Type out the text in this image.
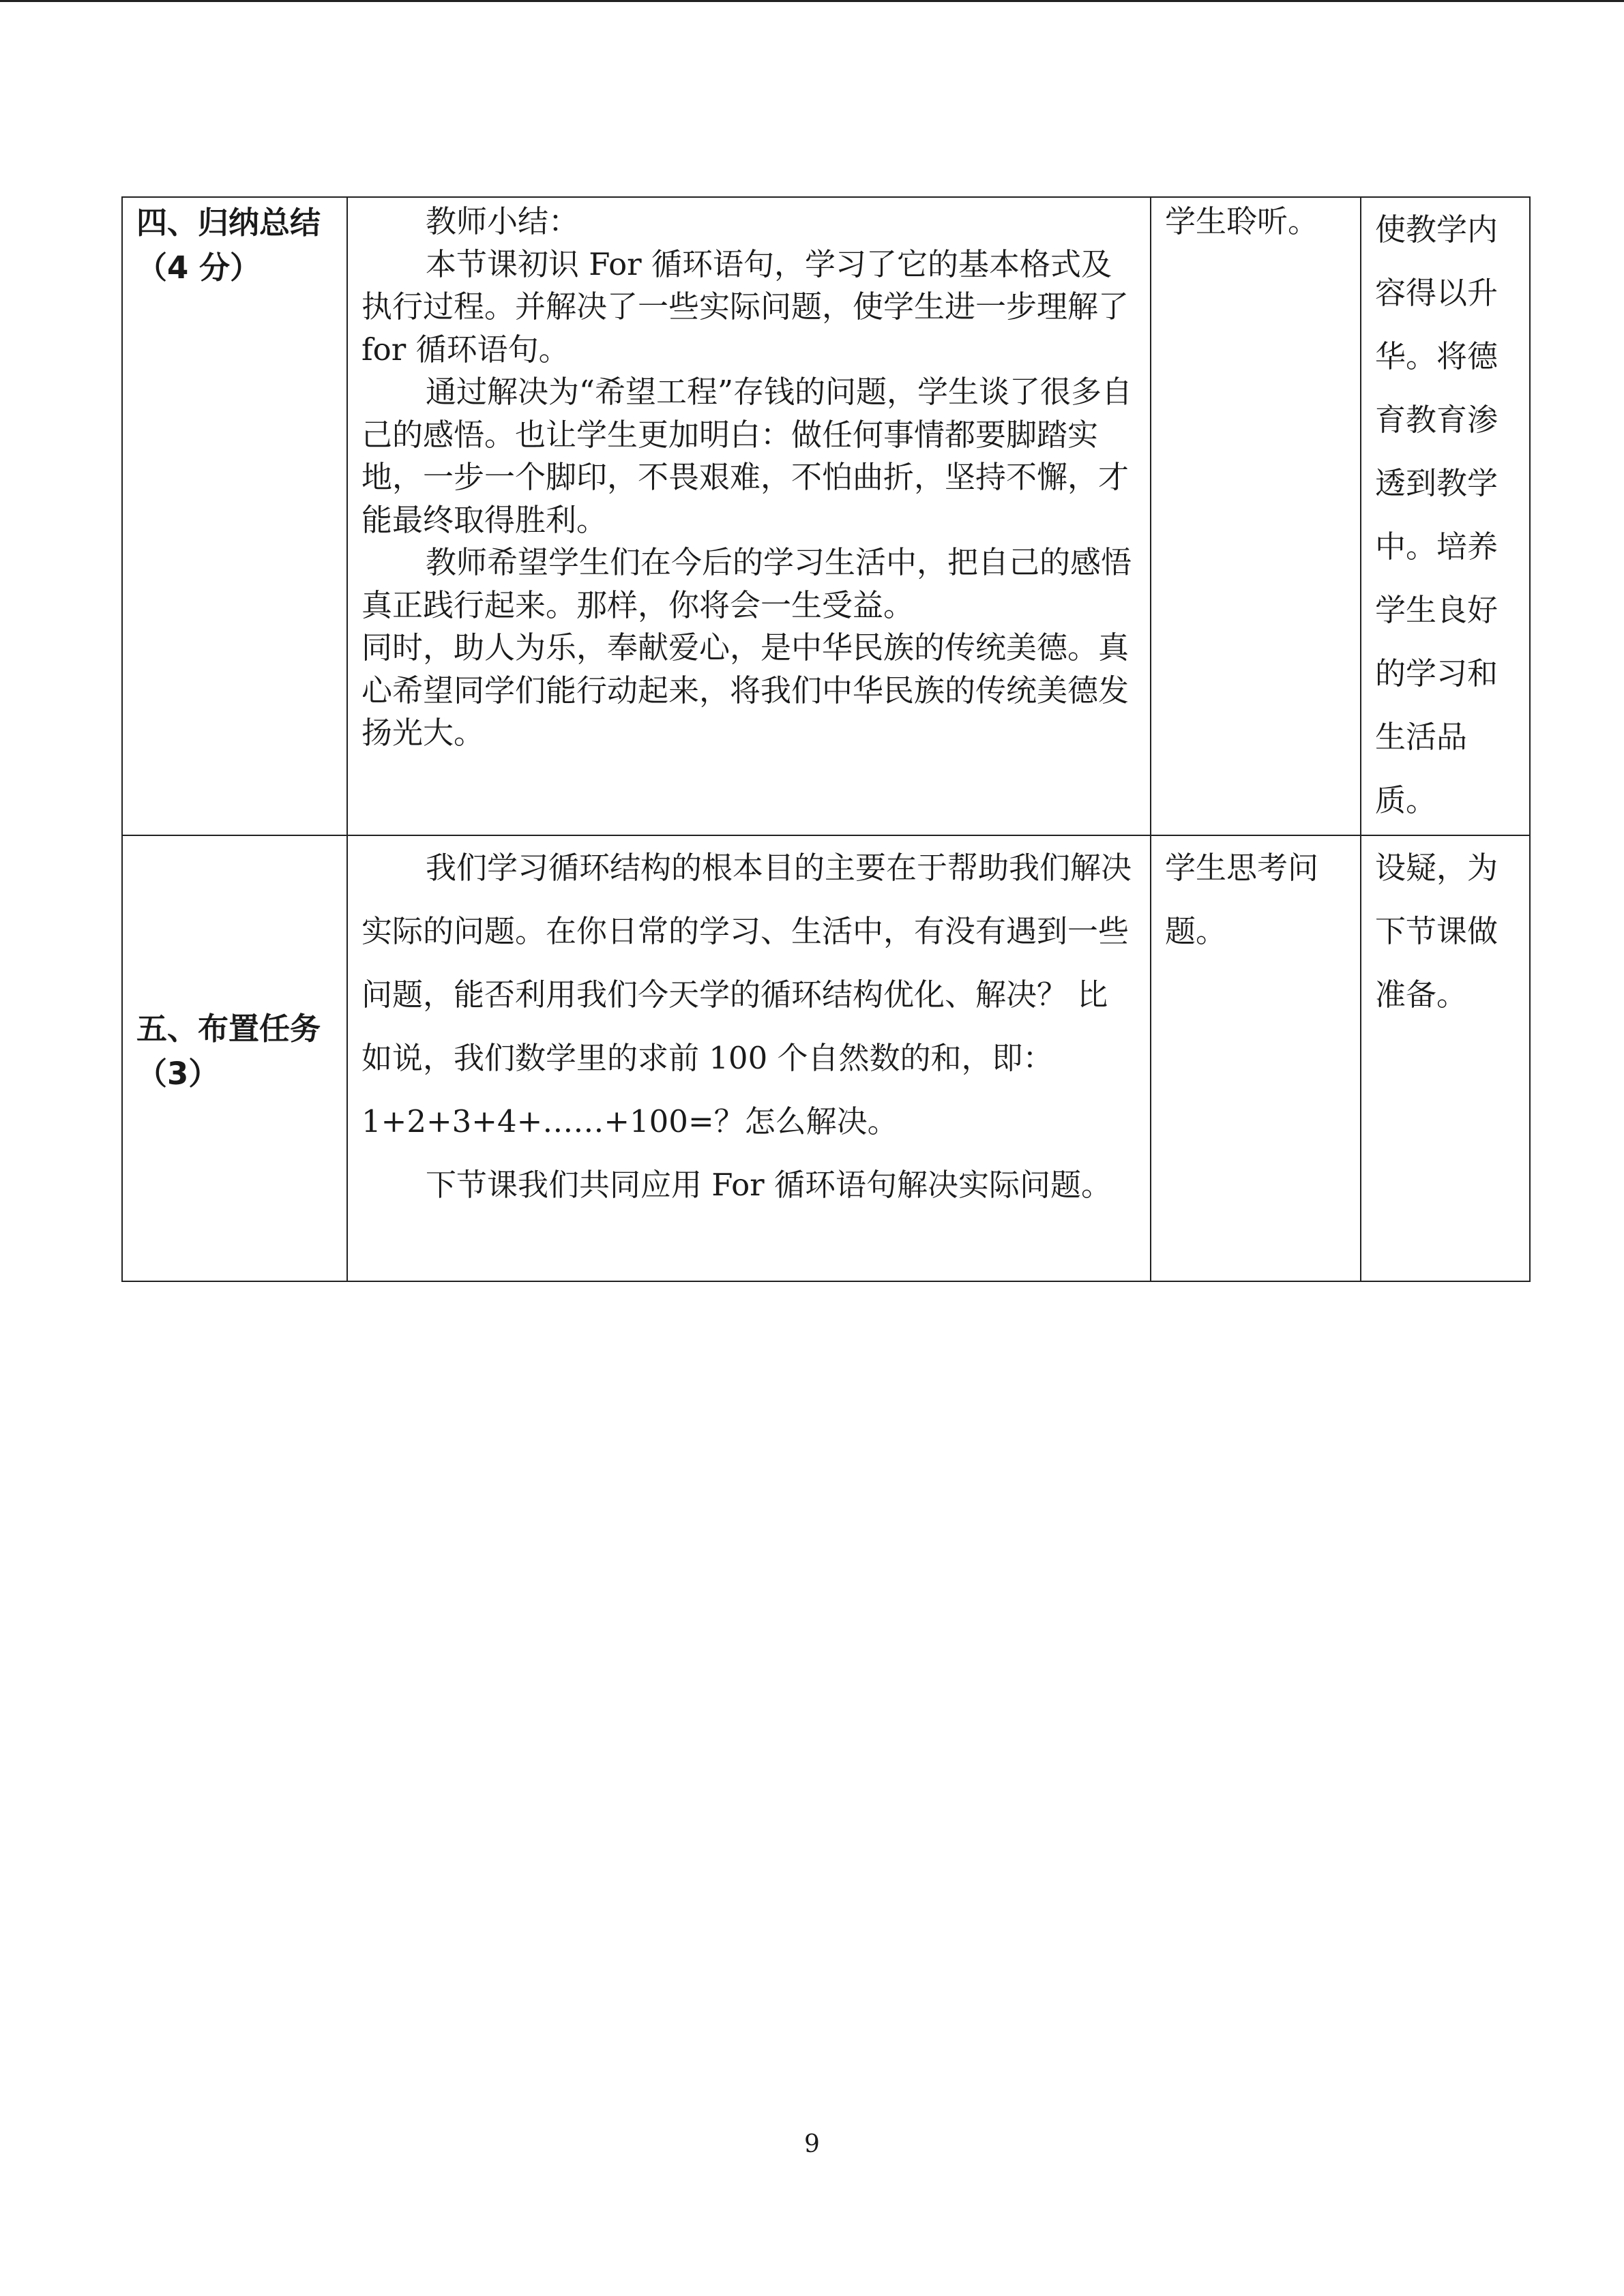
四、归纳总结（4 分）	教师小结：

本节课初识 For 循环语句，学习了它的基本格式及执行过程。并解决了一些实际问题，使学生进一步理解了 for 循环语句。

通过解决为“希望工程”存钱的问题，学生谈了很多自己的感悟。也让学生更加明白：做任何事情都要脚踏实地，一步一个脚印，不畏艰难，不怕曲折，坚持不懈，才能最终取得胜利。

教师希望学生们在今后的学习生活中，把自己的感悟真正践行起来。那样，你将会一生受益。

同时，助人为乐，奉献爱心，是中华民族的传统美德。真心希望同学们能行动起来，将我们中华民族的传统美德发扬光大。	学生聆听。	使教学内容得以升华。将德育教育渗透到教学中。培养学生良好的学习和生活品质。
五、布置任务（3）	我们学习循环结构的根本目的主要在于帮助我们解决实际的问题。在你日常的学习、生活中，有没有遇到一些问题，能否利用我们今天学的循环结构优化、解决？ 比如说，我们数学里的求前 100 个自然数的和，即：1+2+3+4+……+100=？怎么解决。

下节课我们共同应用 For 循环语句解决实际问题。	学生思考问题。	设疑，为下节课做准备。
9
